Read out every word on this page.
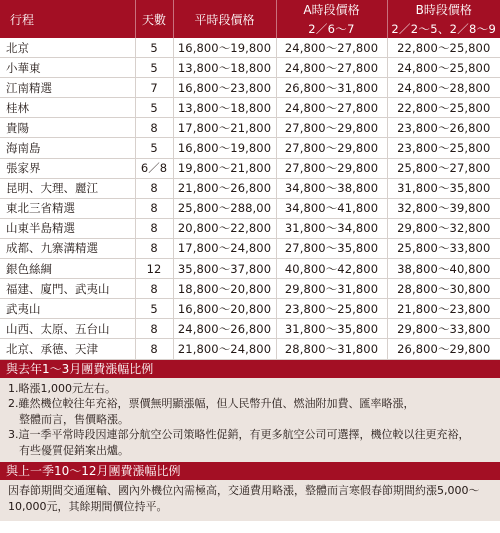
行程	天數	平時段價格	A時段價格	B時段價格
			2／6～7	2／2～5、2／8～9
北京	5	16,800～19,800	24,800～27,800	22,800～25,800
小華東	5	13,800～18,800	24,800～27,800	24,800～25,800
江南精選	7	16,800～23,800	26,800～31,800	24,800～28,800
桂林	5	13,800～18,800	24,800～27,800	22,800～25,800
貴陽	8	17,800～21,800	27,800～29,800	23,800～26,800
海南島	5	16,800～19,800	27,800～29,800	23,800～25,800
張家界	6／8	19,800～21,800	27,800～29,800	25,800～27,800
昆明、大理、麗江	8	21,800～26,800	34,800～38,800	31,800～35,800
東北三省精選	8	25,800～288,00	34,800～41,800	32,800～39,800
山東半島精選	8	20,800～22,800	31,800～34,800	29,800～32,800
成都、九寨溝精選	8	17,800～24,800	27,800～35,800	25,800～33,800
銀色絲綢	12	35,800～37,800	40,800～42,800	38,800～40,800
福建、廈門、武夷山	8	18,800～20,800	29,800～31,800	28,800～30,800
武夷山	5	16,800～20,800	23,800～25,800	21,800～23,800
山西、太原、五台山	8	24,800～26,800	31,800～35,800	29,800～33,800
北京、承德、天津	8	21,800～24,800	28,800～31,800	26,800～29,800
與去年1～3月團費漲幅比例
1.略漲1,000元左右。
2.雖然機位較往年充裕，票價無明顯漲幅，但人民幣升值、燃油附加費、匯率略漲，
整體而言，售價略漲。
3.這一季平常時段因連部分航空公司策略性促銷，有更多航空公司可選擇，機位較以往更充裕，
有些優質促銷案出爐。
與上一季10～12月團費漲幅比例
因春節期間交通運輸、國內外機位內需極高，交通費用略漲，整體而言寒假春節期間約漲5,000～
10,000元，其餘期間價位持平。
